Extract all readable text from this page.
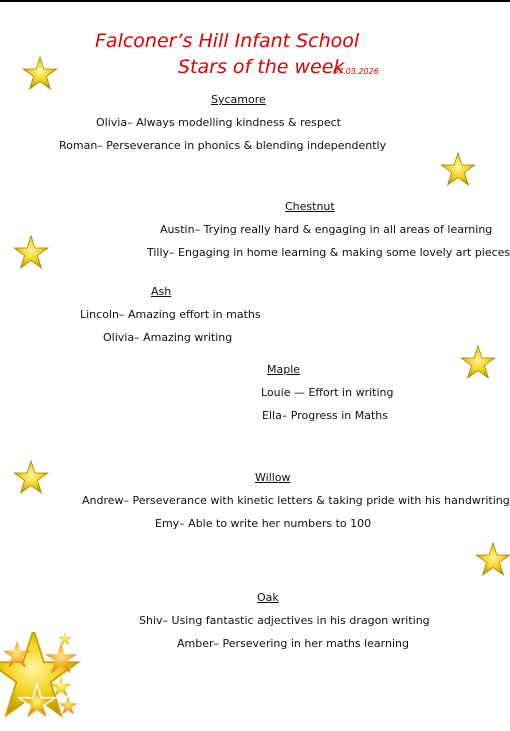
Falconer’s Hill Infant School
Stars of the week
07.03.2026
Sycamore
Olivia– Always modelling kindness & respect
Roman– Perseverance in phonics & blending independently
Chestnut
Austin– Trying really hard & engaging in all areas of learning
Tilly– Engaging in home learning & making some lovely art pieces
Ash
Lincoln– Amazing effort in maths
Olivia– Amazing writing
Maple
Louie — Effort in writing
Ella– Progress in Maths
Willow
Andrew– Perseverance with kinetic letters & taking pride with his handwriting
Emy– Able to write her numbers to 100
Oak
Shiv– Using fantastic adjectives in his dragon writing
Amber– Persevering in her maths learning
